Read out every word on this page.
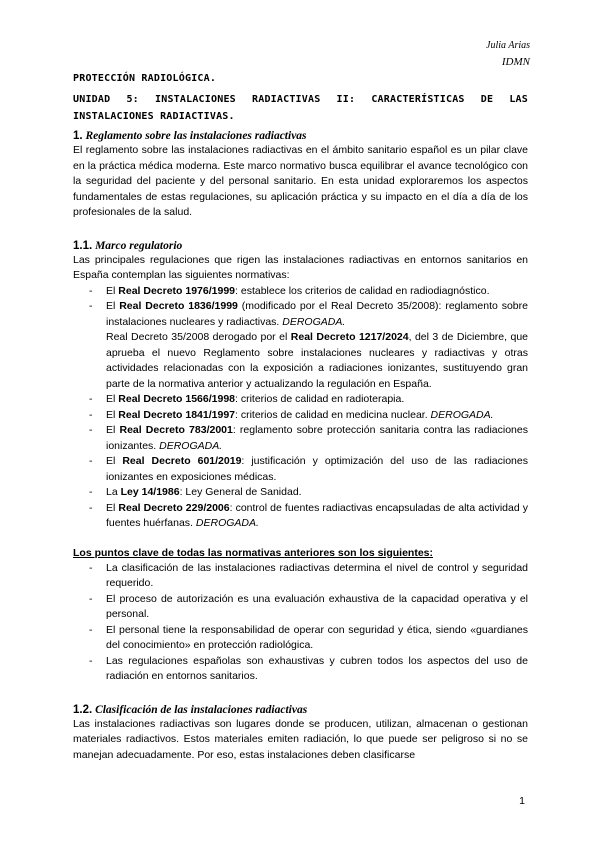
Julia Arias
IDMN
PROTECCIÓN RADIOLÓGICA.
UNIDAD 5: INSTALACIONES RADIACTIVAS II: CARACTERÍSTICAS DE LAS INSTALACIONES RADIACTIVAS.
1. Reglamento sobre las instalaciones radiactivas

El reglamento sobre las instalaciones radiactivas en el ámbito sanitario español es un pilar clave en la práctica médica moderna. Este marco normativo busca equilibrar el avance tecnológico con la seguridad del paciente y del personal sanitario. En esta unidad exploraremos los aspectos fundamentales de estas regulaciones, su aplicación práctica y su impacto en el día a día de los profesionales de la salud.

1.1. Marco regulatorio

Las principales regulaciones que rigen las instalaciones radiactivas en entornos sanitarios en España contemplan las siguientes normativas:

- El Real Decreto 1976/1999: establece los criterios de calidad en radiodiagnóstico.
- El Real Decreto 1836/1999 (modificado por el Real Decreto 35/2008): reglamento sobre instalaciones nucleares y radiactivas. DEROGADA.
Real Decreto 35/2008 derogado por el Real Decreto 1217/2024, del 3 de Diciembre, que aprueba el nuevo Reglamento sobre instalaciones nucleares y radiactivas y otras actividades relacionadas con la exposición a radiaciones ionizantes, sustituyendo gran parte de la normativa anterior y actualizando la regulación en España.
- El Real Decreto 1566/1998: criterios de calidad en radioterapia.
- El Real Decreto 1841/1997: criterios de calidad en medicina nuclear. DEROGADA.
- El Real Decreto 783/2001: reglamento sobre protección sanitaria contra las radiaciones ionizantes. DEROGADA.
- El Real Decreto 601/2019: justificación y optimización del uso de las radiaciones ionizantes en exposiciones médicas.
- La Ley 14/1986: Ley General de Sanidad.
- El Real Decreto 229/2006: control de fuentes radiactivas encapsuladas de alta actividad y fuentes huérfanas. DEROGADA.
Los puntos clave de todas las normativas anteriores son los siguientes:
- La clasificación de las instalaciones radiactivas determina el nivel de control y seguridad requerido.
- El proceso de autorización es una evaluación exhaustiva de la capacidad operativa y el personal.
- El personal tiene la responsabilidad de operar con seguridad y ética, siendo «guardianes del conocimiento» en protección radiológica.
- Las regulaciones españolas son exhaustivas y cubren todos los aspectos del uso de radiación en entornos sanitarios.
1.2. Clasificación de las instalaciones radiactivas

Las instalaciones radiactivas son lugares donde se producen, utilizan, almacenan o gestionan materiales radiactivos. Estos materiales emiten radiación, lo que puede ser peligroso si no se manejan adecuadamente. Por eso, estas instalaciones deben clasificarse

1
